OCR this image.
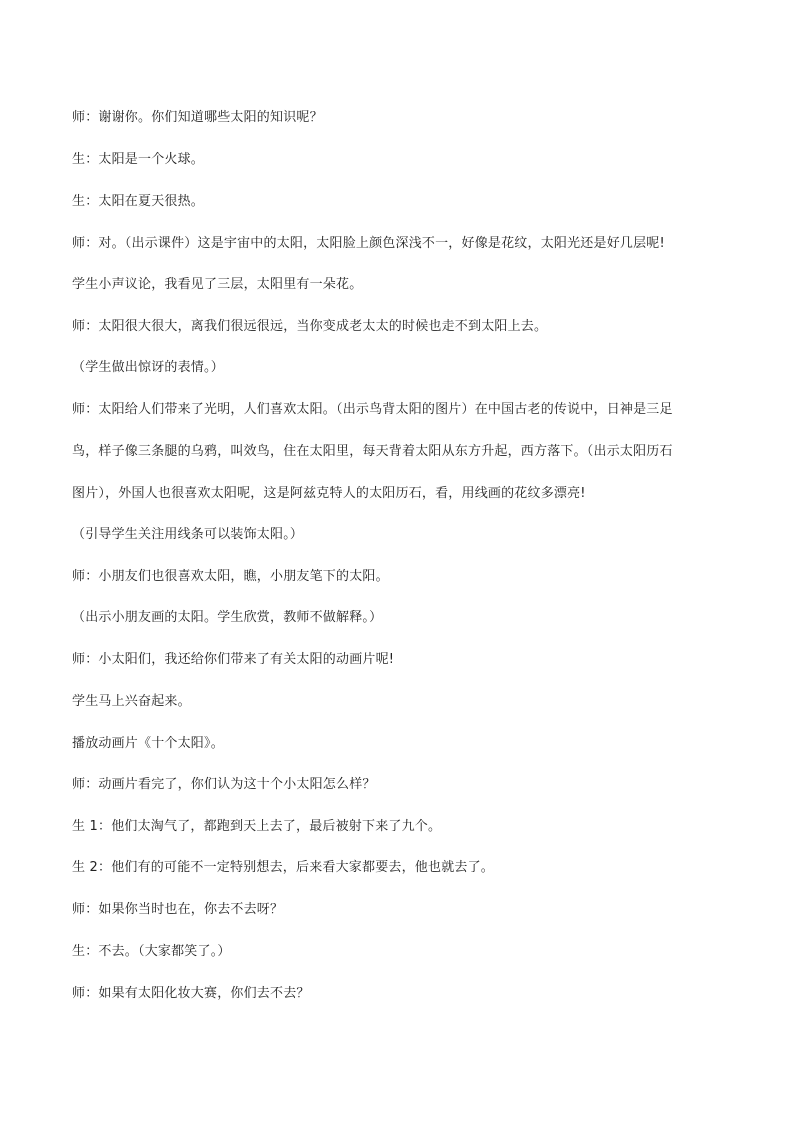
师：谢谢你。你们知道哪些太阳的知识呢？
生：太阳是一个火球。
生：太阳在夏天很热。
师：对。（出示课件）这是宇宙中的太阳，太阳脸上颜色深浅不一，好像是花纹，太阳光还是好几层呢!
学生小声议论，我看见了三层，太阳里有一朵花。
师：太阳很大很大，离我们很远很远，当你变成老太太的时候也走不到太阳上去。
（学生做出惊讶的表情。）
师：太阳给人们带来了光明，人们喜欢太阳。（出示鸟背太阳的图片）在中国古老的传说中，日神是三足
鸟，样子像三条腿的乌鸦，叫效鸟，住在太阳里，每天背着太阳从东方升起，西方落下。（出示太阳历石
图片），外国人也很喜欢太阳呢，这是阿兹克特人的太阳历石，看，用线画的花纹多漂亮!
（引导学生关注用线条可以装饰太阳。）
师：小朋友们也很喜欢太阳，瞧，小朋友笔下的太阳。
（出示小朋友画的太阳。学生欣赏，教师不做解释。）
师：小太阳们，我还给你们带来了有关太阳的动画片呢!
学生马上兴奋起来。
播放动画片《十个太阳》。
师：动画片看完了，你们认为这十个小太阳怎么样？
生 1：他们太淘气了，都跑到天上去了，最后被射下来了九个。
生 2：他们有的可能不一定特别想去，后来看大家都要去，他也就去了。
师：如果你当时也在，你去不去呀？
生：不去。（大家都笑了。）
师：如果有太阳化妆大赛，你们去不去？
